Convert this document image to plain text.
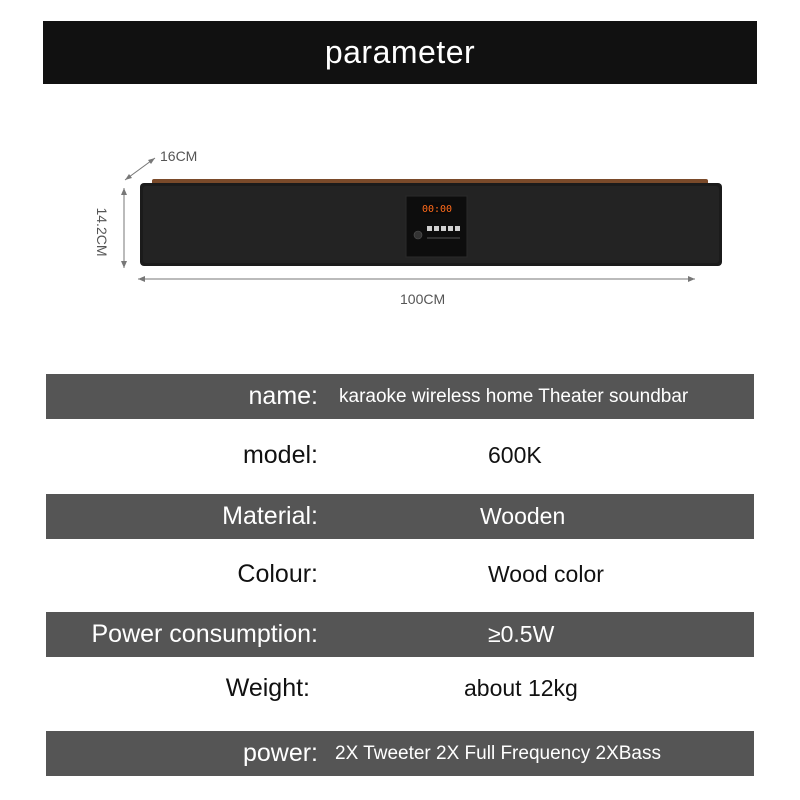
parameter
00:00
16CM
14.2CM
100CM
name: karaoke wireless home Theater soundbar
model:	600K
Material:	Wooden
Colour:	Wood color
Power consumption:	≥0.5W
Weight:	about 12kg
power: 2X Tweeter 2X Full Frequency 2XBass
